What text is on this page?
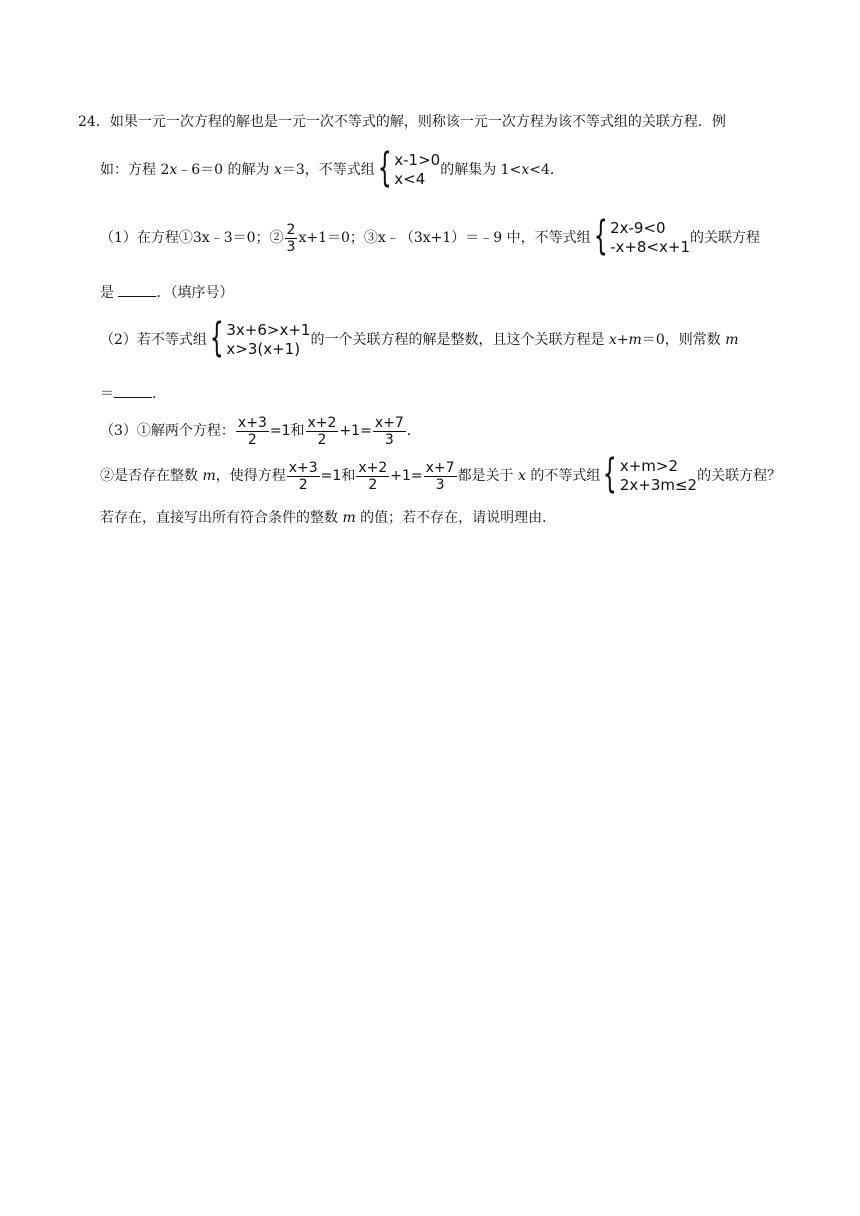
24．如果一元一次方程的解也是一元一次不等式的解，则称该一元一次方程为该不等式组的关联方程．例
如：方程 2x﹣6＝0 的解为 x＝3，不等式组{ x-1>0
x<4	的解集为 1<x<4．
（1）在方程①3x﹣3＝0；② $\frac{2}{3} x+1=0$；③x﹣（3x+1）＝﹣9 中，不等式组{ 2x-9<0
-x+8<x+1 的关联方程
是	．（填序号）
（2）若不等式组{ 3x+6>x+1
x>3(x+1) 的一个关联方程的解是整数，且这个关联方程是 x+m＝0，则常数 m
＝	．
（3）①解两个方程： $\frac{x+3}{2} =1$和 $\frac{x+2}{2} +1= \frac{x+7}{3}$ ．
②是否存在整数 m，使得方程 $\frac{x+3}{2} =1$和 $\frac{x+2}{2} +1= \frac{x+7}{3}$ 都是关于 x 的不等式组{ x+m>2
2x+3m≤2 的关联方程？
若存在，直接写出所有符合条件的整数 m 的值；若不存在，请说明理由．
